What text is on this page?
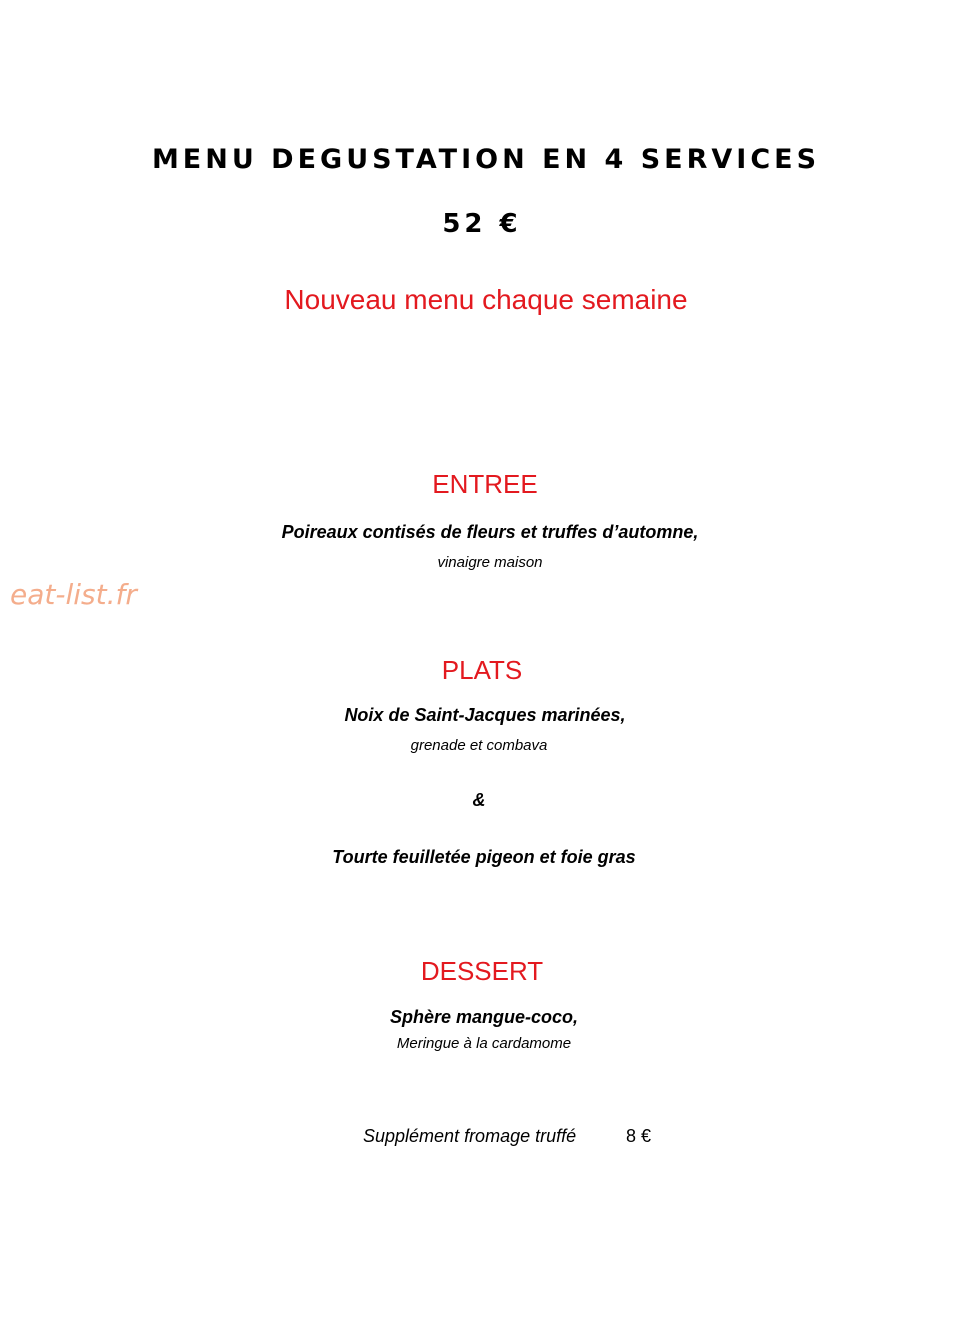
MENU DEGUSTATION EN 4 SERVICES
52 €
Nouveau menu chaque semaine
eat-list.fr
ENTREE
Poireaux contisés de fleurs et truffes d’automne,
vinaigre maison
PLATS
Noix de Saint-Jacques marinées,
grenade et combava
&
Tourte feuilletée pigeon et foie gras
DESSERT
Sphère mangue-coco,
Meringue à la cardamome
Supplément fromage truffé	8 €
